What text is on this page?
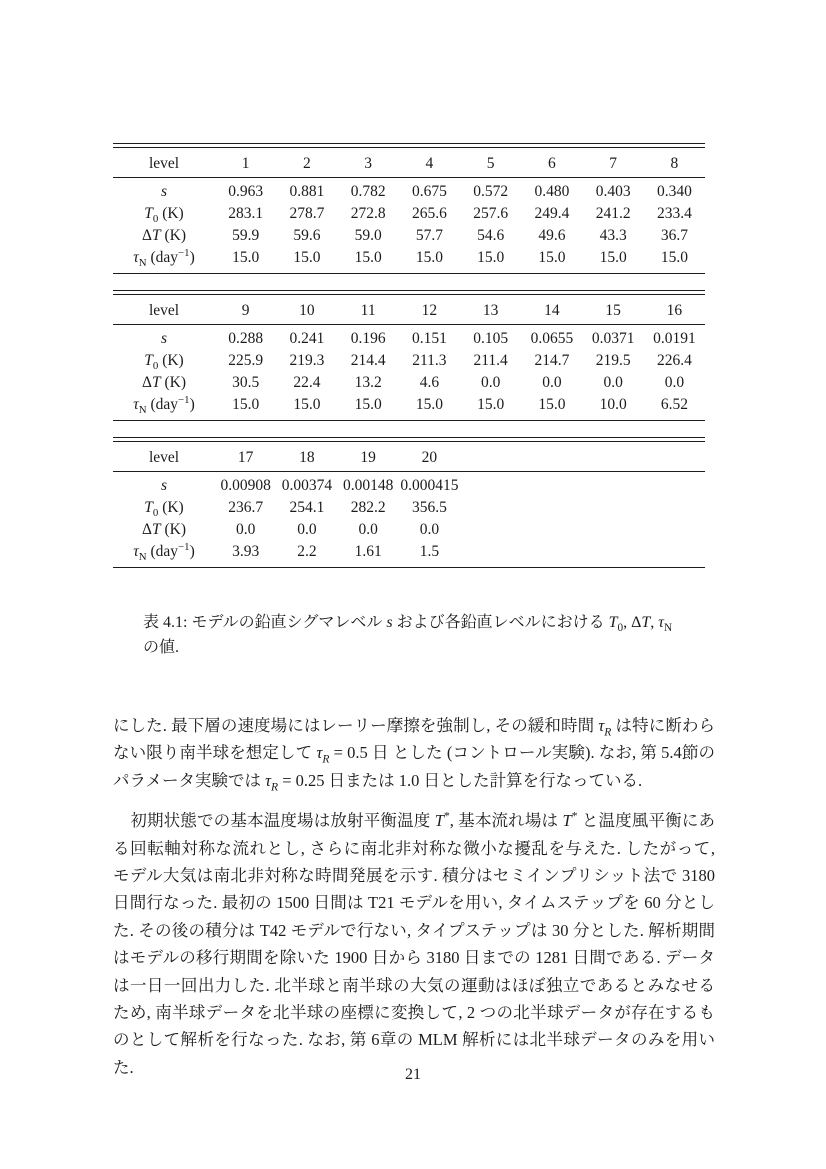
level	1	2	3	4	5	6	7	8
s	0.963	0.881	0.782	0.675	0.572	0.480	0.403	0.340
$T_0$ (K)	283.1	278.7	272.8	265.6	257.6	249.4	241.2	233.4
ΔT (K)	59.9	59.6	59.0	57.7	54.6	49.6	43.3	36.7
$\tau_N$ (day$^{-1}$)	15.0	15.0	15.0	15.0	15.0	15.0	15.0	15.0
level	9	10	11	12	13	14	15	16
s	0.288	0.241	0.196	0.151	0.105	0.0655	0.0371	0.0191
$T_0$ (K)	225.9	219.3	214.4	211.3	211.4	214.7	219.5	226.4
ΔT (K)	30.5	22.4	13.2	4.6	0.0	0.0	0.0	0.0
$\tau_N$ (day$^{-1}$)	15.0	15.0	15.0	15.0	15.0	15.0	10.0	6.52
level	17	18	19	20				
s	0.00908	0.00374	0.00148	0.000415				
$T_0$ (K)	236.7	254.1	282.2	356.5				
ΔT (K)	0.0	0.0	0.0	0.0				
$\tau_N$ (day$^{-1}$)	3.93	2.2	1.61	1.5				

表 4.1: モデルの鉛直シグマレベル s および各鉛直レベルにおける $T_0$, ΔT, $\tau_N$ の値.

にした. 最下層の速度場にはレーリー摩擦を強制し, その緩和時間 $\tau_R$ は特に断わらない限り南半球を想定して $\tau_R = 0.5$ 日 とした (コントロール実験). なお, 第 5.4節のパラメータ実験では $\tau_R = 0.25$ 日または 1.0 日とした計算を行なっている.

初期状態での基本温度場は放射平衡温度 T*, 基本流れ場は T* と温度風平衡にある回転軸対称な流れとし, さらに南北非対称な微小な擾乱を与えた. したがって, モデル大気は南北非対称な時間発展を示す. 積分はセミインプリシット法で 3180 日間行なった. 最初の 1500 日間は T21 モデルを用い, タイムステップを 60 分とした. その後の積分は T42 モデルで行ない, タイプステップは 30 分とした. 解析期間はモデルの移行期間を除いた 1900 日から 3180 日までの 1281 日間である. データは一日一回出力した. 北半球と南半球の大気の運動はほぼ独立であるとみなせるため, 南半球データを北半球の座標に変換して, 2 つの北半球データが存在するものとして解析を行なった. なお, 第 6章の MLM 解析には北半球データのみを用いた.	21
